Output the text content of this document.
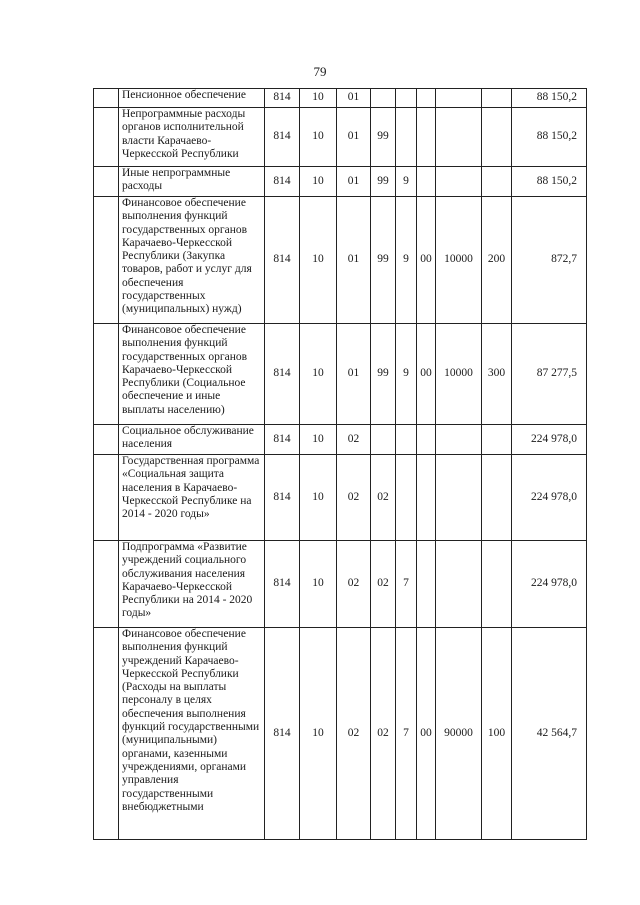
79
	Пенсионное обеспечение	814	10	01						88 150,2
	Непрограммные расходы органов исполнительной власти Карачаево-Черкесской Республики	814	10	01	99					88 150,2
	Иные непрограммные расходы	814	10	01	99	9				88 150,2
	Финансовое обеспечение выполнения функций государственных органов Карачаево-Черкесской Республики (Закупка товаров, работ и услуг для обеспечения государственных (муниципальных) нужд)	814	10	01	99	9	00	10000	200	872,7
	Финансовое обеспечение выполнения функций государственных органов Карачаево-Черкесской Республики (Социальное обеспечение и иные выплаты населению)	814	10	01	99	9	00	10000	300	87 277,5
	Социальное обслуживание населения	814	10	02						224 978,0
	Государственная программа «Социальная защита населения в Карачаево-Черкесской Республике на 2014 - 2020 годы»	814	10	02	02					224 978,0
	Подпрограмма «Развитие учреждений социального обслуживания населения Карачаево-Черкесской Республики на 2014 - 2020 годы»	814	10	02	02	7				224 978,0

	Финансовое обеспечение выполнения функций учреждений Карачаево-Черкесской Республики (Расходы на выплаты персоналу в целях обеспечения выполнения функций государственными (муниципальными) органами, казенными учреждениями, органами управления государственными внебюджетными	814	10	02	02	7	00	90000	100	42 564,7
